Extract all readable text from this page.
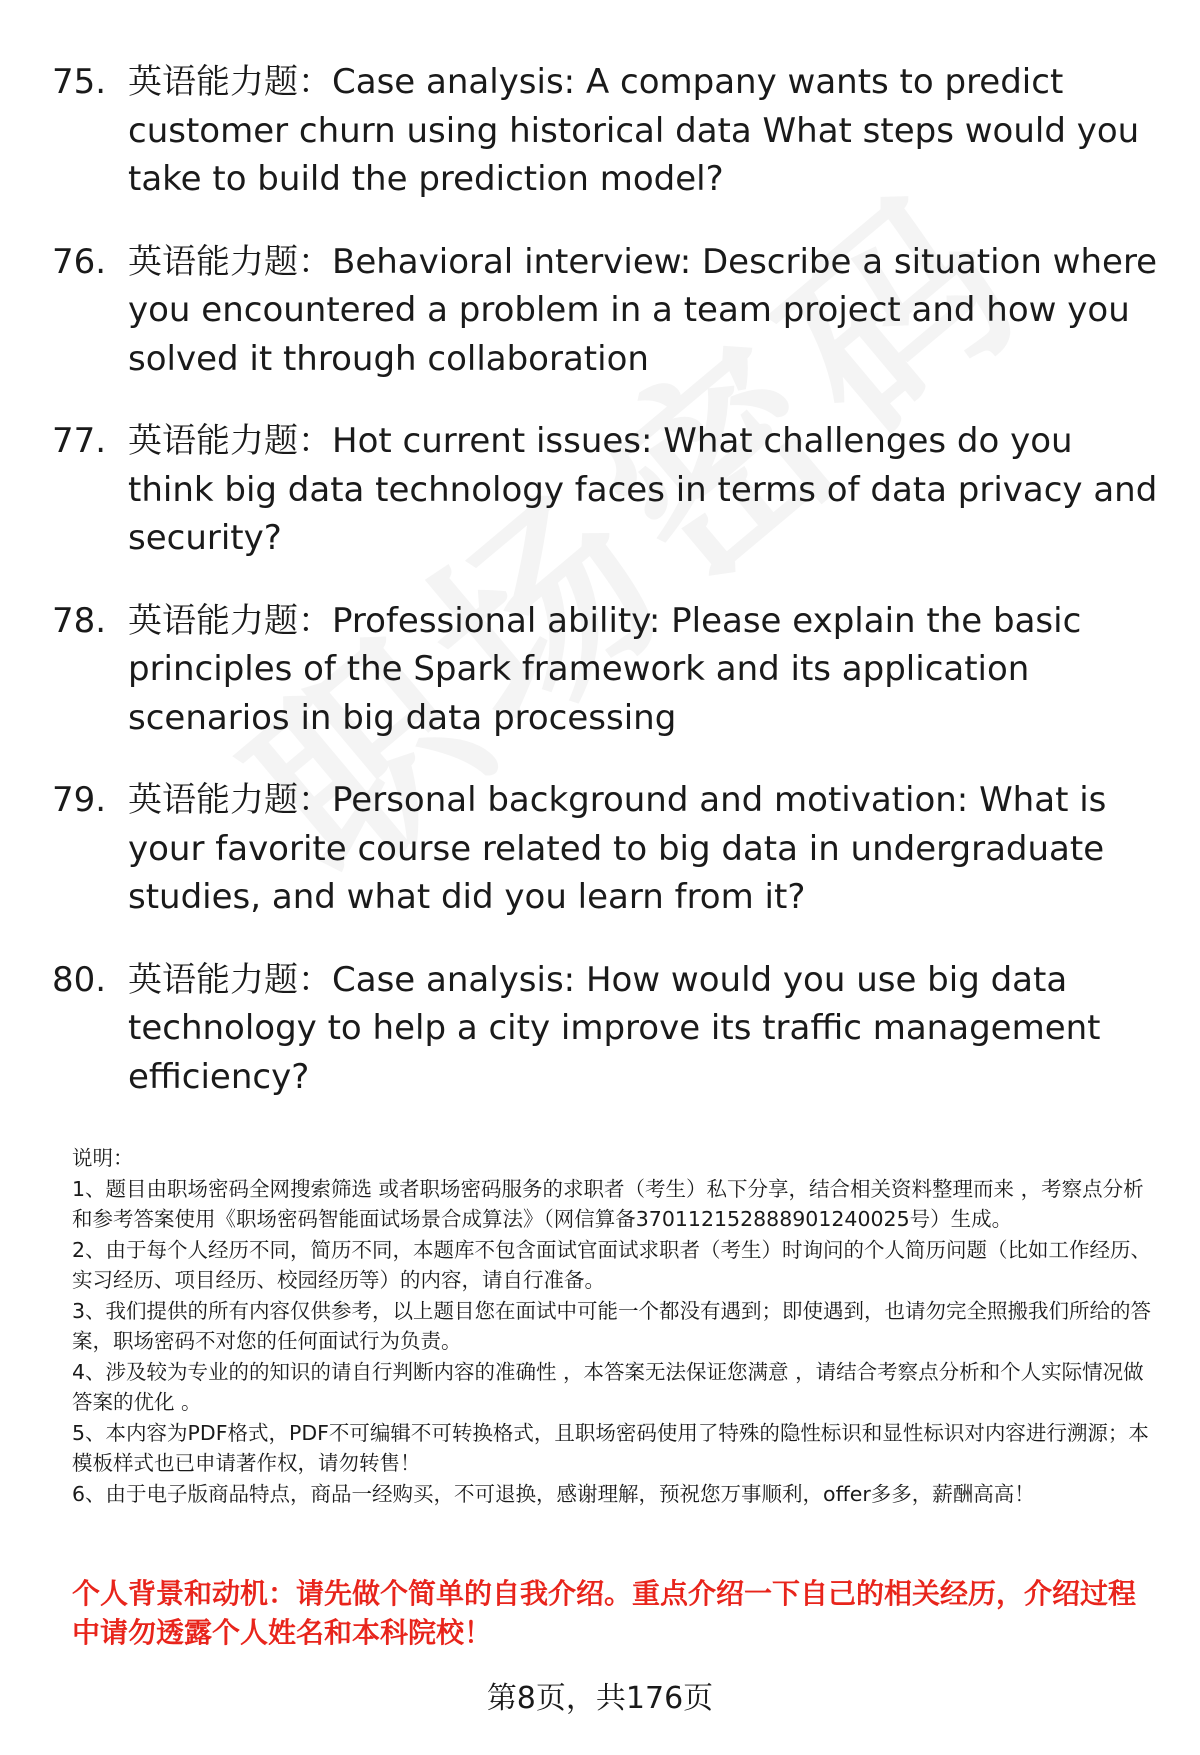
75. 英语能力题：Case analysis: A company wants to predict customer churn using historical data What steps would you take to build the prediction model?
76. 英语能力题：Behavioral interview: Describe a situation where you encountered a problem in a team project and how you solved it through collaboration
77. 英语能力题：Hot current issues: What challenges do you think big data technology faces in terms of data privacy and security?
78. 英语能力题：Professional ability: Please explain the basic principles of the Spark framework and its application scenarios in big data processing
79. 英语能力题：Personal background and motivation: What is your favorite course related to big data in undergraduate studies, and what did you learn from it?
80. 英语能力题：Case analysis: How would you use big data technology to help a city improve its traffic management efficiency?

说明：

1、题目由职场密码全网搜索筛选 或者职场密码服务的求职者（考生）私下分享，结合相关资料整理而来 ，考察点分析和参考答案使用《职场密码智能面试场景合成算法》（网信算备370112152888901240025号）生成。

2、由于每个人经历不同，简历不同，本题库不包含面试官面试求职者（考生）时询问的个人简历问题（比如工作经历、实习经历、项目经历、校园经历等）的内容，请自行准备。

3、我们提供的所有内容仅供参考，以上题目您在面试中可能一个都没有遇到；即使遇到，也请勿完全照搬我们所给的答案，职场密码不对您的任何面试行为负责。

4、涉及较为专业的的知识的请自行判断内容的准确性 ，本答案无法保证您满意 ，请结合考察点分析和个人实际情况做答案的优化 。

5、本内容为PDF格式，PDF不可编辑不可转换格式，且职场密码使用了特殊的隐性标识和显性标识对内容进行溯源；本模板样式也已申请著作权，请勿转售！

6、由于电子版商品特点，商品一经购买，不可退换，感谢理解，预祝您万事顺利，offer多多，薪酬高高！

个人背景和动机：请先做个简单的自我介绍。重点介绍一下自己的相关经历，介绍过程中请勿透露个人姓名和本科院校！
第8页，共176页
